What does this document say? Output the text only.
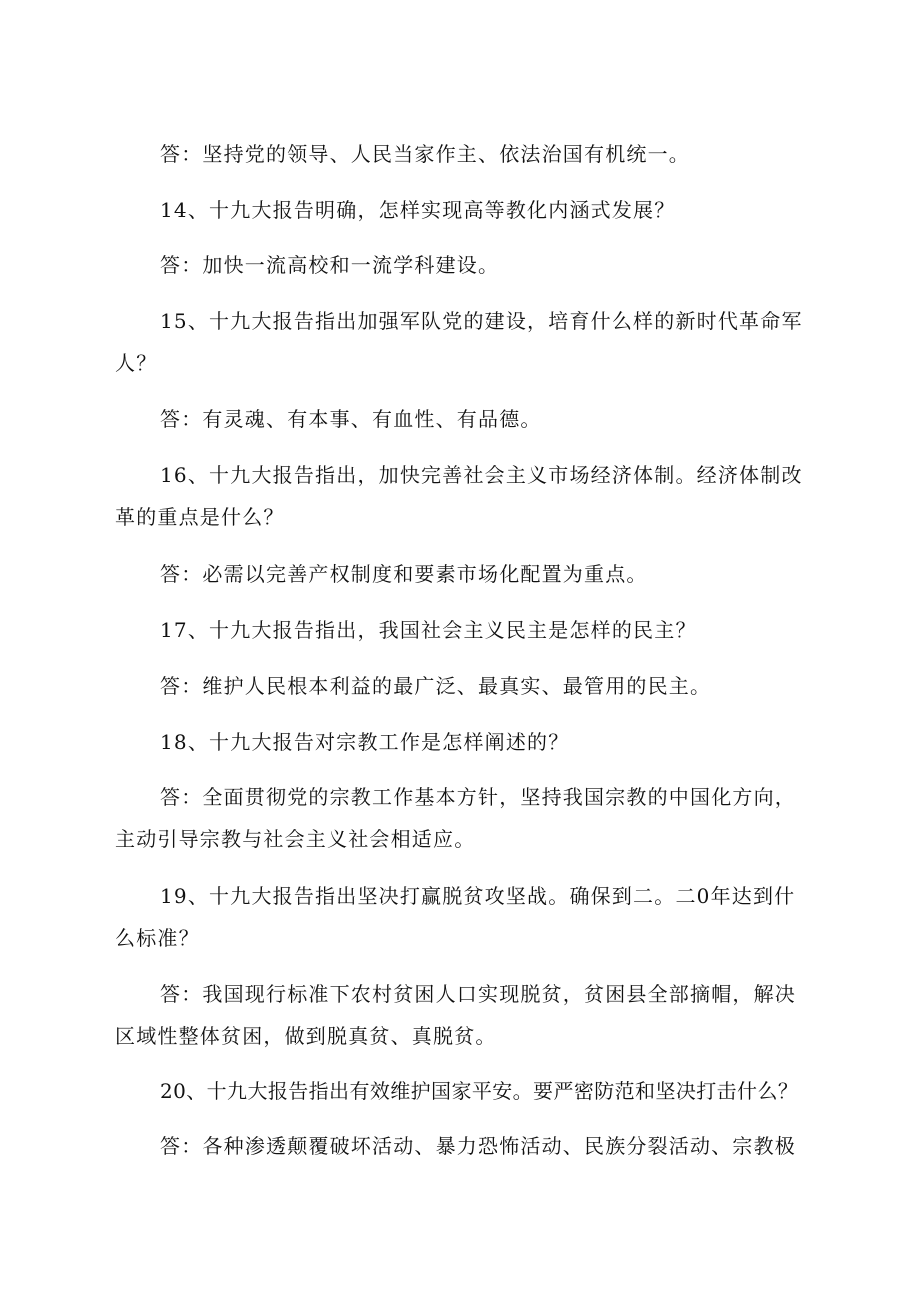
答：坚持党的领导、人民当家作主、依法治国有机统一。
14、十九大报告明确，怎样实现高等教化内涵式发展？
答：加快一流高校和一流学科建设。
15、十九大报告指出加强军队党的建设，培育什么样的新时代革命军
人？
答：有灵魂、有本事、有血性、有品德。
16、十九大报告指出，加快完善社会主义市场经济体制。经济体制改
革的重点是什么？
答：必需以完善产权制度和要素市场化配置为重点。
17、十九大报告指出，我国社会主义民主是怎样的民主？
答：维护人民根本利益的最广泛、最真实、最管用的民主。
18、十九大报告对宗教工作是怎样阐述的？
答：全面贯彻党的宗教工作基本方针，坚持我国宗教的中国化方向，
主动引导宗教与社会主义社会相适应。
19、十九大报告指出坚决打赢脱贫攻坚战。确保到二。二0年达到什
么标准？
答：我国现行标准下农村贫困人口实现脱贫，贫困县全部摘帽，解决
区域性整体贫困，做到脱真贫、真脱贫。
20、十九大报告指出有效维护国家平安。要严密防范和坚决打击什么？
答：各种渗透颠覆破坏活动、暴力恐怖活动、民族分裂活动、宗教极
